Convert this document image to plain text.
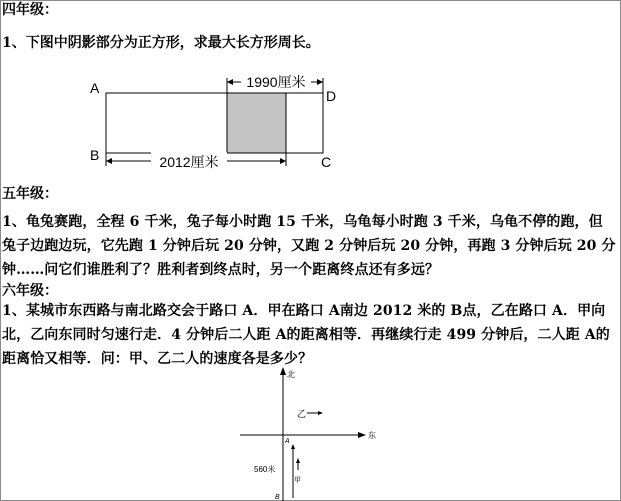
四年级：
1、下图中阴影部分为正方形，求最大长方形周长。
1990厘米
2012厘米
A
B
D
C
五年级：
1、龟兔赛跑，全程 6 千米，兔子每小时跑 15 千米，乌龟每小时跑 3 千米，乌龟不停的跑，但
兔子边跑边玩，它先跑 1 分钟后玩 20 分钟，又跑 2 分钟后玩 20 分钟，再跑 3 分钟后玩 20 分
钟……问它们谁胜利了？胜利者到终点时，另一个距离终点还有多远？
六年级：
1、某城市东西路与南北路交会于路口 A．甲在路口 A南边 2012 米的 B点，乙在路口 A．甲向
北，乙向东同时匀速行走．4 分钟后二人距 A的距离相等．再继续行走 499 分钟后，二人距 A的
距离恰又相等．问：甲、乙二人的速度各是多少？
北
东
A
乙
560米
甲
B
